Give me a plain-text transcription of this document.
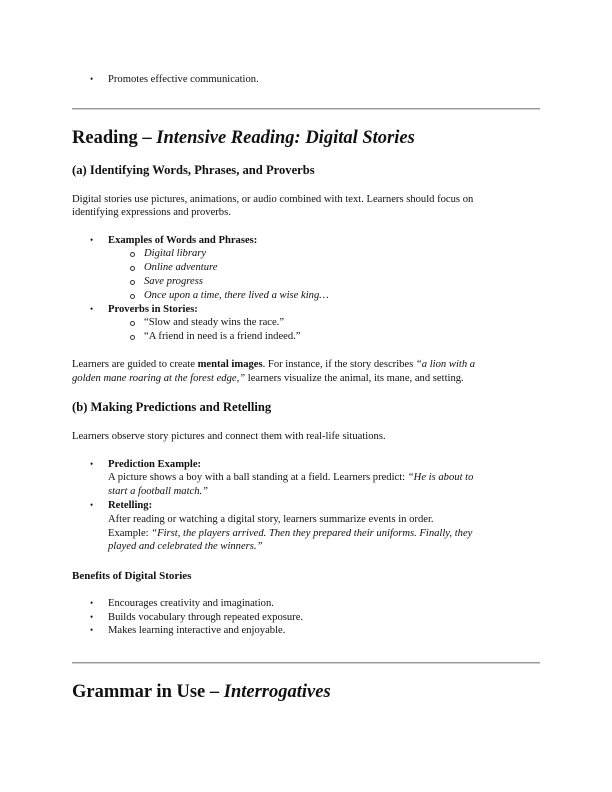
• Promotes effective communication.
Reading – Intensive Reading: Digital Stories
(a) Identifying Words, Phrases, and Proverbs
Digital stories use pictures, animations, or audio combined with text. Learners should focus on
identifying expressions and proverbs.
• Examples of Words and Phrases:
Digital library
Online adventure
Save progress
Once upon a time, there lived a wise king…
• Proverbs in Stories:
“Slow and steady wins the race.”
“A friend in need is a friend indeed.”
Learners are guided to create mental images. For instance, if the story describes “a lion with a
golden mane roaring at the forest edge,” learners visualize the animal, its mane, and setting.
(b) Making Predictions and Retelling
Learners observe story pictures and connect them with real-life situations.
• Prediction Example:
A picture shows a boy with a ball standing at a field. Learners predict: “He is about to
start a football match.”
• Retelling:
After reading or watching a digital story, learners summarize events in order.
Example: “First, the players arrived. Then they prepared their uniforms. Finally, they
played and celebrated the winners.”
Benefits of Digital Stories
• Encourages creativity and imagination.
• Builds vocabulary through repeated exposure.
• Makes learning interactive and enjoyable.
Grammar in Use – Interrogatives
